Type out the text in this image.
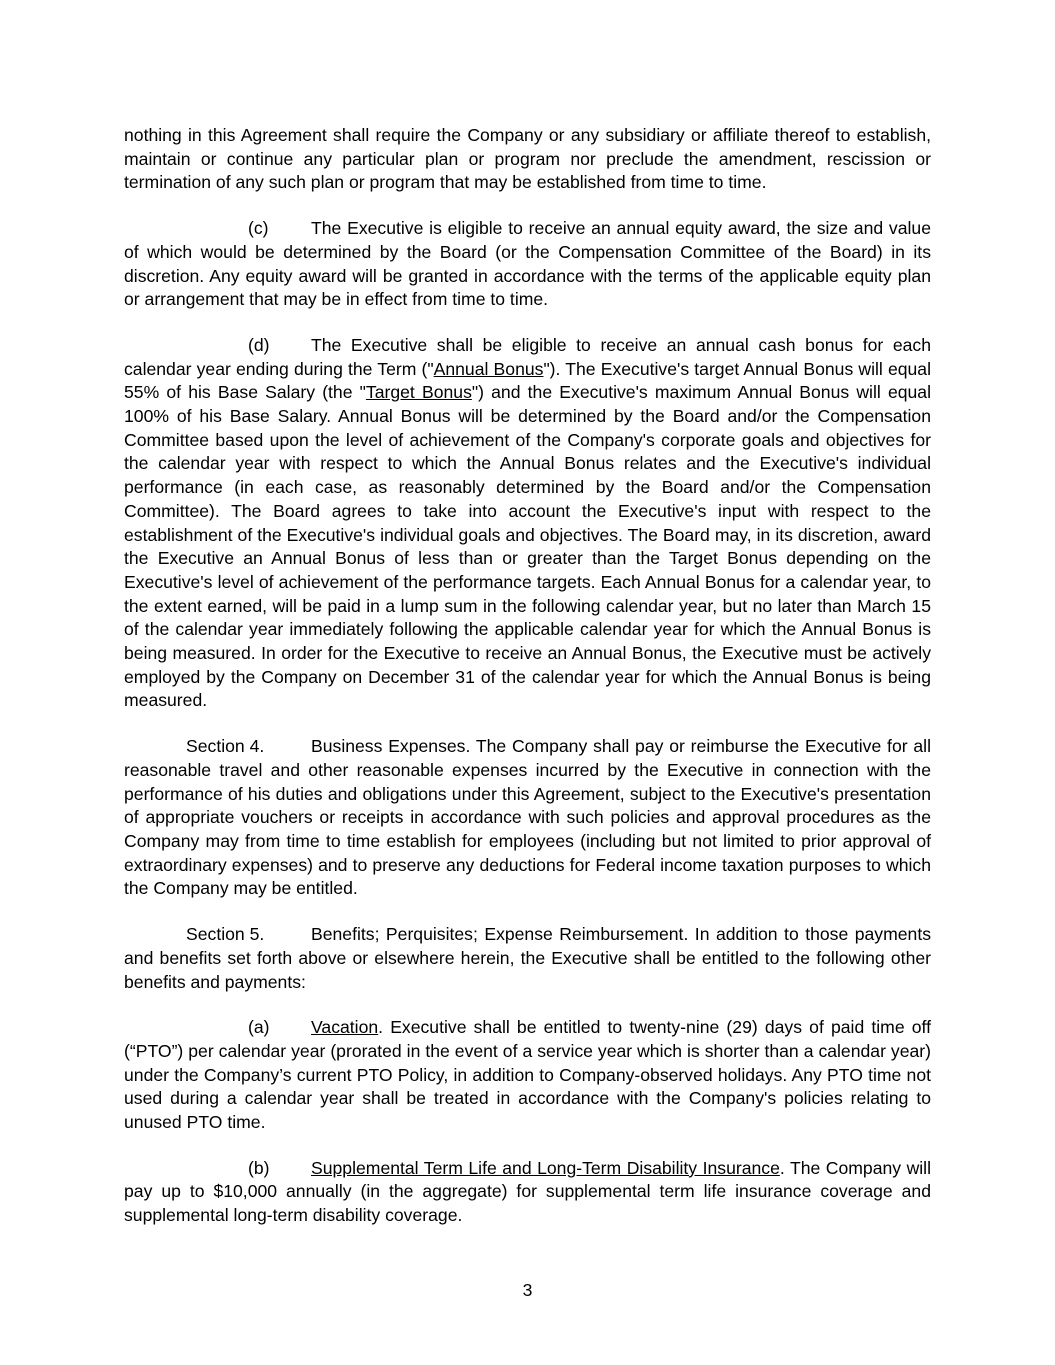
nothing in this Agreement shall require the Company or any subsidiary or affiliate thereof to establish, maintain or continue any particular plan or program nor preclude the amendment, rescission or termination of any such plan or program that may be established from time to time.

(c) The Executive is eligible to receive an annual equity award, the size and value of which would be determined by the Board (or the Compensation Committee of the Board) in its discretion. Any equity award will be granted in accordance with the terms of the applicable equity plan or arrangement that may be in effect from time to time.

(d) The Executive shall be eligible to receive an annual cash bonus for each calendar year ending during the Term ("Annual Bonus"). The Executive's target Annual Bonus will equal 55% of his Base Salary (the "Target Bonus") and the Executive's maximum Annual Bonus will equal 100% of his Base Salary. Annual Bonus will be determined by the Board and/or the Compensation Committee based upon the level of achievement of the Company's corporate goals and objectives for the calendar year with respect to which the Annual Bonus relates and the Executive's individual performance (in each case, as reasonably determined by the Board and/or the Compensation Committee). The Board agrees to take into account the Executive's input with respect to the establishment of the Executive's individual goals and objectives. The Board may, in its discretion, award the Executive an Annual Bonus of less than or greater than the Target Bonus depending on the Executive's level of achievement of the performance targets. Each Annual Bonus for a calendar year, to the extent earned, will be paid in a lump sum in the following calendar year, but no later than March 15 of the calendar year immediately following the applicable calendar year for which the Annual Bonus is being measured. In order for the Executive to receive an Annual Bonus, the Executive must be actively employed by the Company on December 31 of the calendar year for which the Annual Bonus is being measured.

Section 4.	Business Expenses. The Company shall pay or reimburse the Executive for all reasonable travel and other reasonable expenses incurred by the Executive in connection with the performance of his duties and obligations under this Agreement, subject to the Executive's presentation of appropriate vouchers or receipts in accordance with such policies and approval procedures as the Company may from time to time establish for employees (including but not limited to prior approval of extraordinary expenses) and to preserve any deductions for Federal income taxation purposes to which the Company may be entitled.

Section 5.	Benefits; Perquisites; Expense Reimbursement. In addition to those payments and benefits set forth above or elsewhere herein, the Executive shall be entitled to the following other benefits and payments:

(a) Vacation. Executive shall be entitled to twenty-nine (29) days of paid time off (“PTO”) per calendar year (prorated in the event of a service year which is shorter than a calendar year) under the Company’s current PTO Policy, in addition to Company-observed holidays. Any PTO time not used during a calendar year shall be treated in accordance with the Company's policies relating to unused PTO time.

(b) Supplemental Term Life and Long-Term Disability Insurance. The Company will pay up to $10,000 annually (in the aggregate) for supplemental term life insurance coverage and supplemental long-term disability coverage.

3
